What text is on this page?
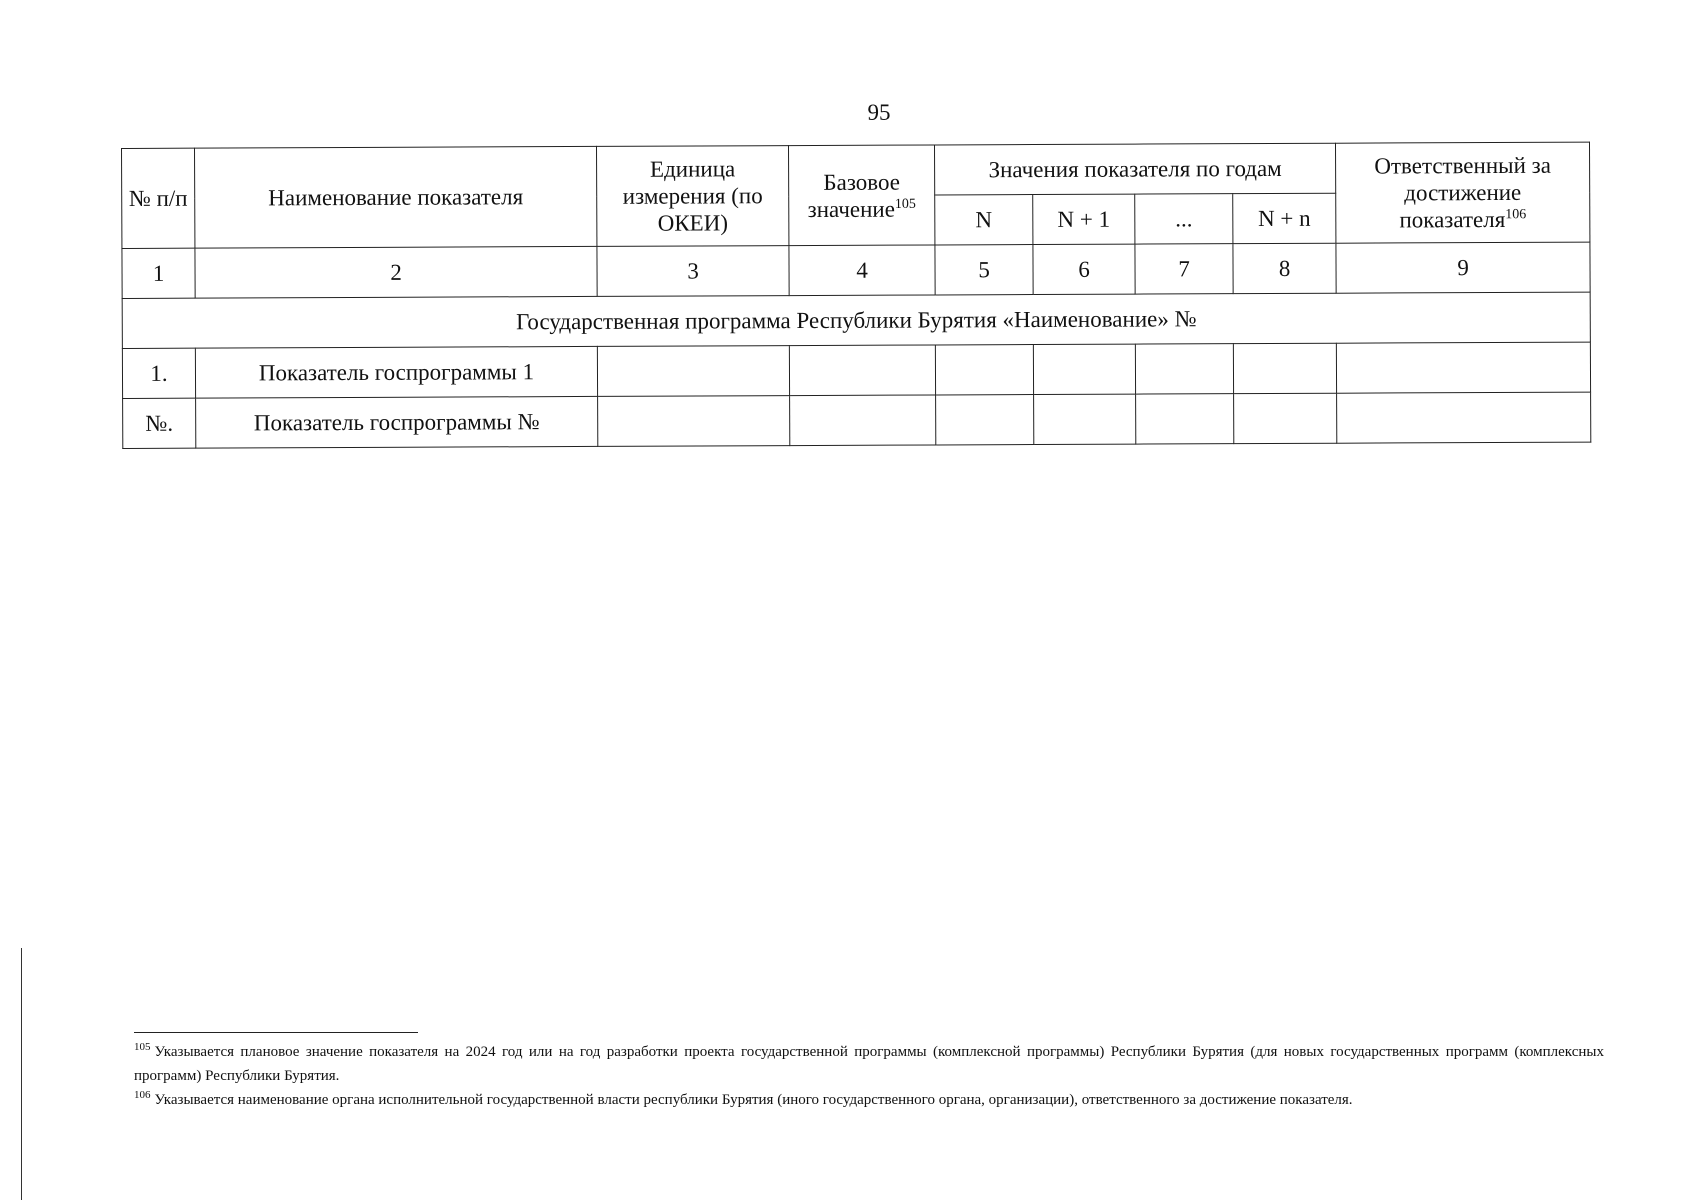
95
№ п/п	Наименование показателя	Единица измерения (по ОКЕИ)	Базовое значение$^{105}$	Значения показателя по годам				Ответственный за достижение показателя$^{106}$
				N	N + 1	...	N + n	
1	2	3	4	5	6	7	8	9
Государственная программа Республики Бурятия «Наименование» №								
1.	Показатель госпрограммы 1							
№.	Показатель госпрограммы №							

$^{105}$ Указывается плановое значение показателя на 2024 год или на год разработки проекта государственной программы (комплексной программы) Республики Бурятия (для новых государственных программ (комплексных программ) Республики Бурятия.

$^{106}$ Указывается наименование органа исполнительной государственной власти республики Бурятия (иного государственного органа, организации), ответственного за достижение показателя.
